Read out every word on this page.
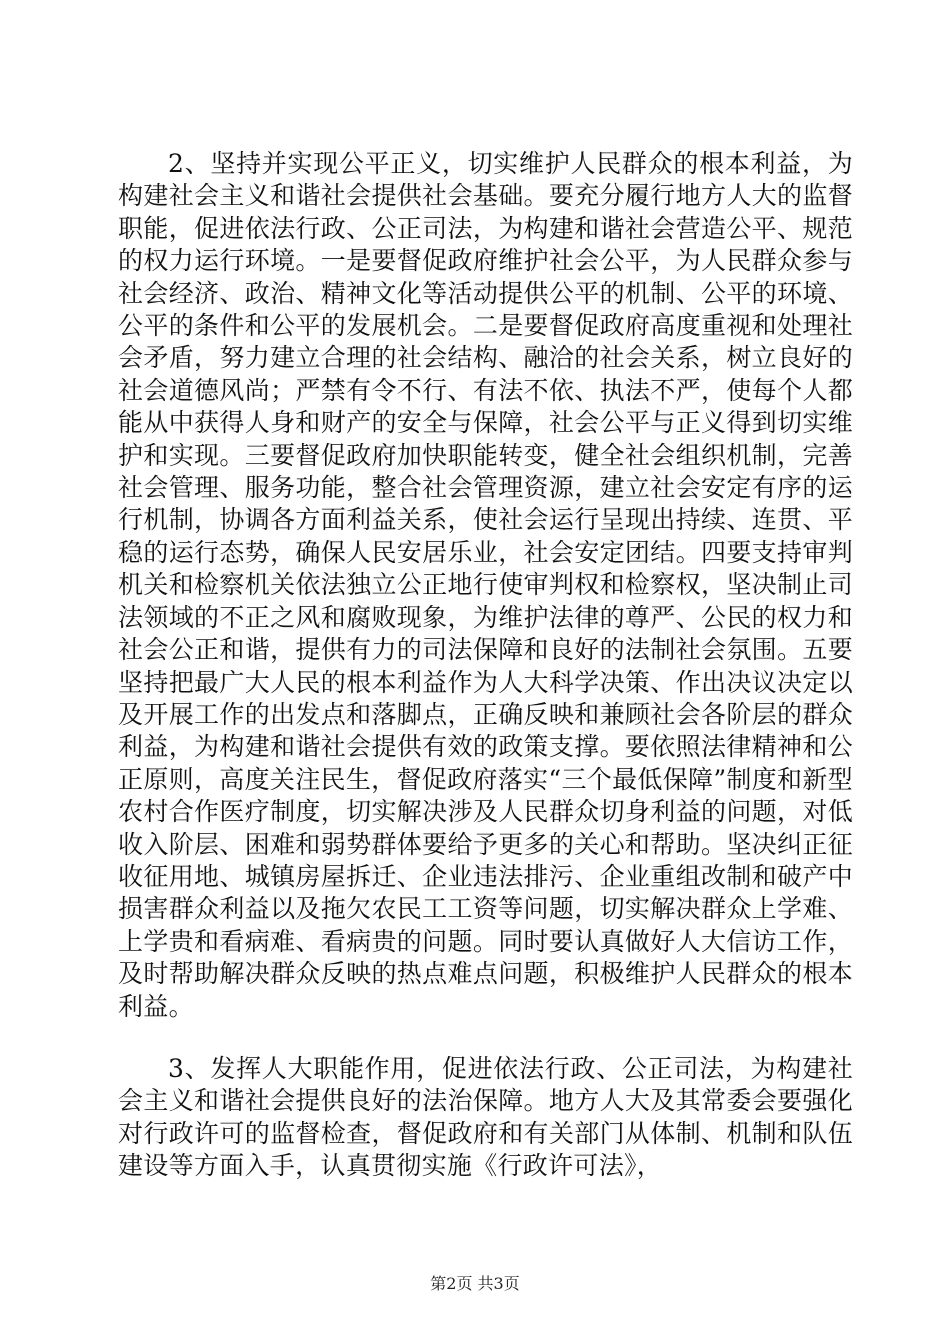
2、坚持并实现公平正义，切实维护人民群众的根本利益，为构建社会主义和谐社会提供社会基础。要充分履行地方人大的监督职能，促进依法行政、公正司法，为构建和谐社会营造公平、规范的权力运行环境。一是要督促政府维护社会公平，为人民群众参与社会经济、政治、精神文化等活动提供公平的机制、公平的环境、公平的条件和公平的发展机会。二是要督促政府高度重视和处理社会矛盾，努力建立合理的社会结构、融洽的社会关系，树立良好的社会道德风尚；严禁有令不行、有法不依、执法不严，使每个人都能从中获得人身和财产的安全与保障，社会公平与正义得到切实维护和实现。三要督促政府加快职能转变，健全社会组织机制，完善社会管理、服务功能，整合社会管理资源，建立社会安定有序的运行机制，协调各方面利益关系，使社会运行呈现出持续、连贯、平稳的运行态势，确保人民安居乐业，社会安定团结。四要支持审判机关和检察机关依法独立公正地行使审判权和检察权，坚决制止司法领域的不正之风和腐败现象，为维护法律的尊严、公民的权力和社会公正和谐，提供有力的司法保障和良好的法制社会氛围。五要坚持把最广大人民的根本利益作为人大科学决策、作出决议决定以及开展工作的出发点和落脚点，正确反映和兼顾社会各阶层的群众利益，为构建和谐社会提供有效的政策支撑。要依照法律精神和公正原则，高度关注民生，督促政府落实“三个最低保障”制度和新型农村合作医疗制度，切实解决涉及人民群众切身利益的问题，对低收入阶层、困难和弱势群体要给予更多的关心和帮助。坚决纠正征收征用地、城镇房屋拆迁、企业违法排污、企业重组改制和破产中损害群众利益以及拖欠农民工工资等问题，切实解决群众上学难、上学贵和看病难、看病贵的问题。同时要认真做好人大信访工作，及时帮助解决群众反映的热点难点问题，积极维护人民群众的根本利益。

3、发挥人大职能作用，促进依法行政、公正司法，为构建社会主义和谐社会提供良好的法治保障。地方人大及其常委会要强化对行政许可的监督检查，督促政府和有关部门从体制、机制和队伍建设等方面入手，认真贯彻实施《行政许可法》，

第2页 共3页
